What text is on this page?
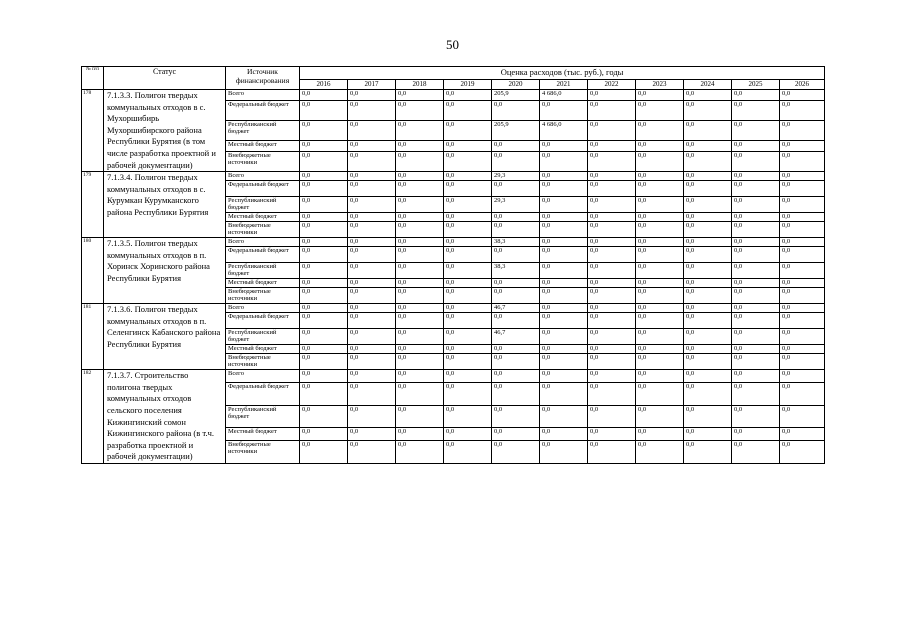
50
№ п/п	Статус	Источник финансирования	Оценка расходов (тыс. руб.), годы										
			2016	2017	2018	2019	2020	2021	2022	2023	2024	2025	2026
178	7.1.3.3. Полигон твердых коммунальных отходов в с. Мухоршибирь Мухоршибирского района Республики Бурятия (в том числе разработка проектной и рабочей документации)	Всего	0,0	0,0	0,0	0,0	205,9	4 686,0	0,0	0,0	0,0	0,0	0,0
		Федеральный бюджет	0,0	0,0	0,0	0,0	0,0	0,0	0,0	0,0	0,0	0,0	0,0
		Республиканский бюджет	0,0	0,0	0,0	0,0	205,9	4 686,0	0,0	0,0	0,0	0,0	0,0
		Местный бюджет	0,0	0,0	0,0	0,0	0,0	0,0	0,0	0,0	0,0	0,0	0,0
		Внебюджетные источники	0,0	0,0	0,0	0,0	0,0	0,0	0,0	0,0	0,0	0,0	0,0
179	7.1.3.4. Полигон твердых коммунальных отходов в с. Курумкан Курумканского района Республики Бурятия	Всего	0,0	0,0	0,0	0,0	29,3	0,0	0,0	0,0	0,0	0,0	0,0
		Федеральный бюджет	0,0	0,0	0,0	0,0	0,0	0,0	0,0	0,0	0,0	0,0	0,0
		Республиканский бюджет	0,0	0,0	0,0	0,0	29,3	0,0	0,0	0,0	0,0	0,0	0,0
		Местный бюджет	0,0	0,0	0,0	0,0	0,0	0,0	0,0	0,0	0,0	0,0	0,0
		Внебюджетные источники	0,0	0,0	0,0	0,0	0,0	0,0	0,0	0,0	0,0	0,0	0,0
180	7.1.3.5. Полигон твердых коммунальных отходов в п. Хоринск Хоринского района Республики Бурятия	Всего	0,0	0,0	0,0	0,0	38,3	0,0	0,0	0,0	0,0	0,0	0,0
		Федеральный бюджет	0,0	0,0	0,0	0,0	0,0	0,0	0,0	0,0	0,0	0,0	0,0
		Республиканский бюджет	0,0	0,0	0,0	0,0	38,3	0,0	0,0	0,0	0,0	0,0	0,0
		Местный бюджет	0,0	0,0	0,0	0,0	0,0	0,0	0,0	0,0	0,0	0,0	0,0
		Внебюджетные источники	0,0	0,0	0,0	0,0	0,0	0,0	0,0	0,0	0,0	0,0	0,0
181	7.1.3.6. Полигон твердых коммунальных отходов в п. Селенгинск Кабанского района Республики Бурятия	Всего	0,0	0,0	0,0	0,0	46,7	0,0	0,0	0,0	0,0	0,0	0,0
		Федеральный бюджет	0,0	0,0	0,0	0,0	0,0	0,0	0,0	0,0	0,0	0,0	0,0
		Республиканский бюджет	0,0	0,0	0,0	0,0	46,7	0,0	0,0	0,0	0,0	0,0	0,0
		Местный бюджет	0,0	0,0	0,0	0,0	0,0	0,0	0,0	0,0	0,0	0,0	0,0
		Внебюджетные источники	0,0	0,0	0,0	0,0	0,0	0,0	0,0	0,0	0,0	0,0	0,0
182	7.1.3.7. Строительство полигона твердых коммунальных отходов сельского поселения Кижингинский сомон Кижингинского района (в т.ч. разработка проектной и рабочей документации)	Всего	0,0	0,0	0,0	0,0	0,0	0,0	0,0	0,0	0,0	0,0	0,0
		Федеральный бюджет	0,0	0,0	0,0	0,0	0,0	0,0	0,0	0,0	0,0	0,0	0,0
		Республиканский бюджет	0,0	0,0	0,0	0,0	0,0	0,0	0,0	0,0	0,0	0,0	0,0
		Местный бюджет	0,0	0,0	0,0	0,0	0,0	0,0	0,0	0,0	0,0	0,0	0,0
		Внебюджетные источники	0,0	0,0	0,0	0,0	0,0	0,0	0,0	0,0	0,0	0,0	0,0
